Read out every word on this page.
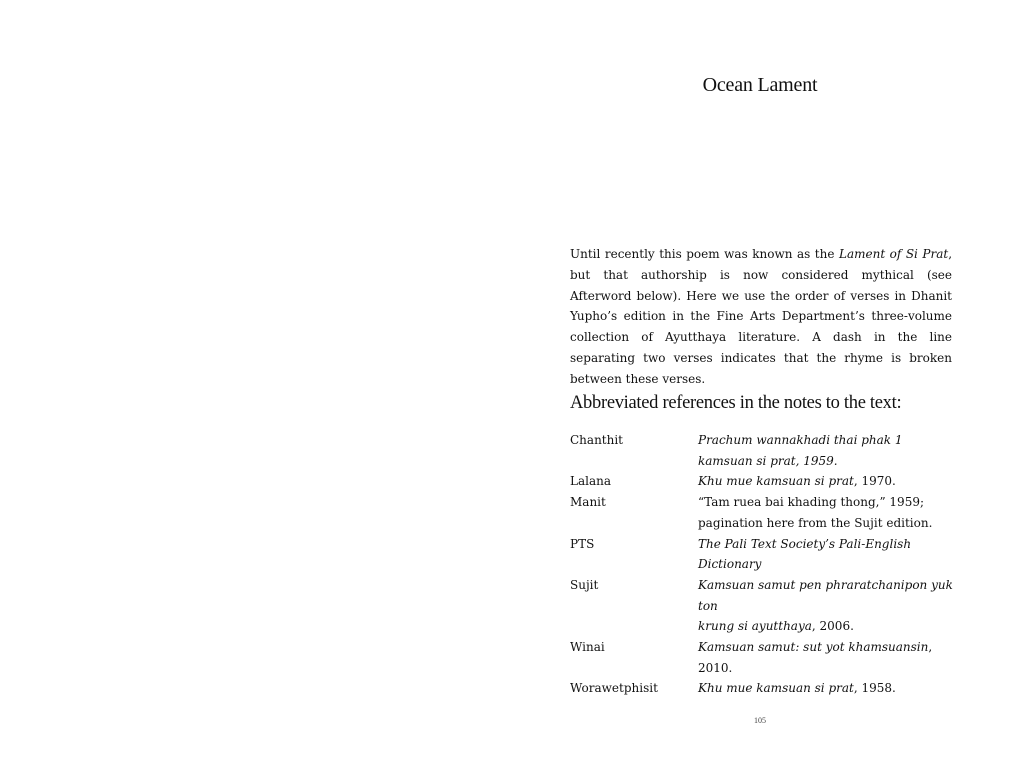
Ocean Lament

Until recently this poem was known as the Lament of Si Prat, but that authorship is now considered mythical (see Afterword below). Here we use the order of verses in Dhanit Yupho’s edition in the Fine Arts Department’s three-volume collection of Ayutthaya literature. A dash in the line separating two verses indicates that the rhyme is broken between these verses.

Abbreviated references in the notes to the text:
Chanthit	Prachum wannakhadi thai phak 1
kamsuan si prat, 1959.
Lalana	Khu mue kamsuan si prat, 1970.
Manit	“Tam ruea bai khading thong,” 1959;
pagination here from the Sujit edition.
PTS	The Pali Text Society’s Pali-English Dictionary
Sujit	Kamsuan samut pen phraratchanipon yuk ton
krung si ayutthaya, 2006.
Winai	Kamsuan samut: sut yot khamsuansin, 2010.
Worawetphisit	Khu mue kamsuan si prat, 1958.
105
